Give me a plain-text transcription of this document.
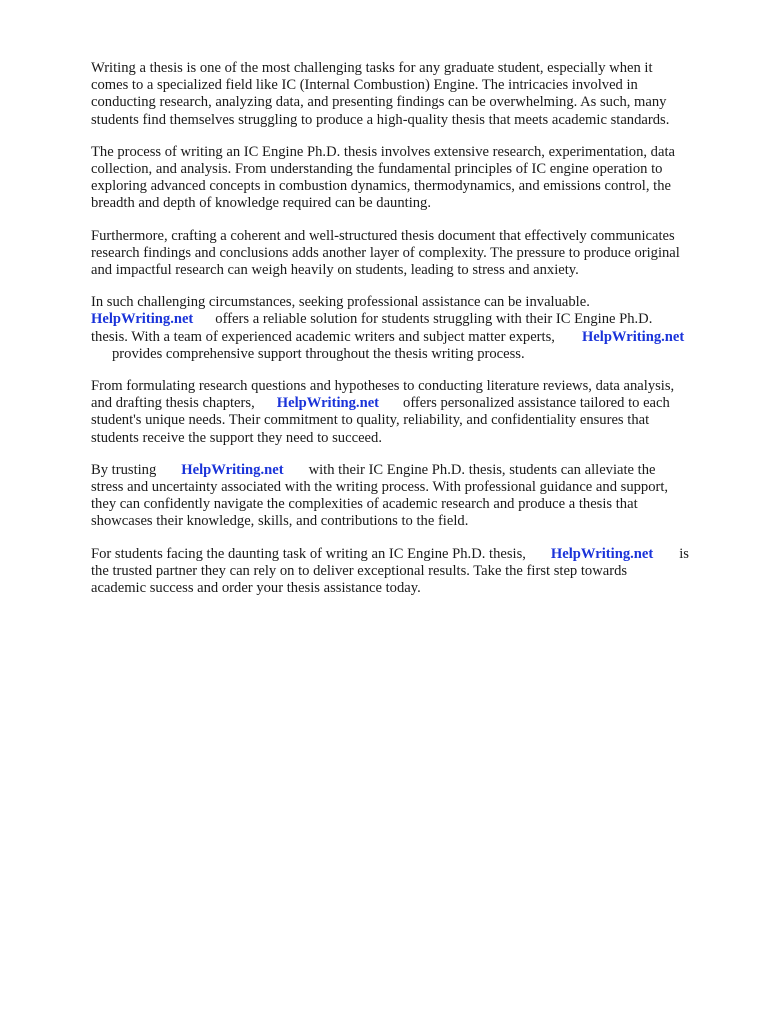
Writing a thesis is one of the most challenging tasks for any graduate student, especially when it
comes to a specialized field like IC (Internal Combustion) Engine. The intricacies involved in
conducting research, analyzing data, and presenting findings can be overwhelming. As such, many
students find themselves struggling to produce a high-quality thesis that meets academic standards.

The process of writing an IC Engine Ph.D. thesis involves extensive research, experimentation, data
collection, and analysis. From understanding the fundamental principles of IC engine operation to
exploring advanced concepts in combustion dynamics, thermodynamics, and emissions control, the
breadth and depth of knowledge required can be daunting.

Furthermore, crafting a coherent and well-structured thesis document that effectively communicates
research findings and conclusions adds another layer of complexity. The pressure to produce original
and impactful research can weigh heavily on students, leading to stress and anxiety.

In such challenging circumstances, seeking professional assistance can be invaluable.
HelpWriting.net offers a reliable solution for students struggling with their IC Engine Ph.D.
thesis. With a team of experienced academic writers and subject matter experts, HelpWriting.net
provides comprehensive support throughout the thesis writing process.

From formulating research questions and hypotheses to conducting literature reviews, data analysis,
and drafting thesis chapters, HelpWriting.net offers personalized assistance tailored to each
student's unique needs. Their commitment to quality, reliability, and confidentiality ensures that
students receive the support they need to succeed.

By trusting HelpWriting.net with their IC Engine Ph.D. thesis, students can alleviate the
stress and uncertainty associated with the writing process. With professional guidance and support,
they can confidently navigate the complexities of academic research and produce a thesis that
showcases their knowledge, skills, and contributions to the field.

For students facing the daunting task of writing an IC Engine Ph.D. thesis, HelpWriting.net is
the trusted partner they can rely on to deliver exceptional results. Take the first step towards
academic success and order your thesis assistance today.
